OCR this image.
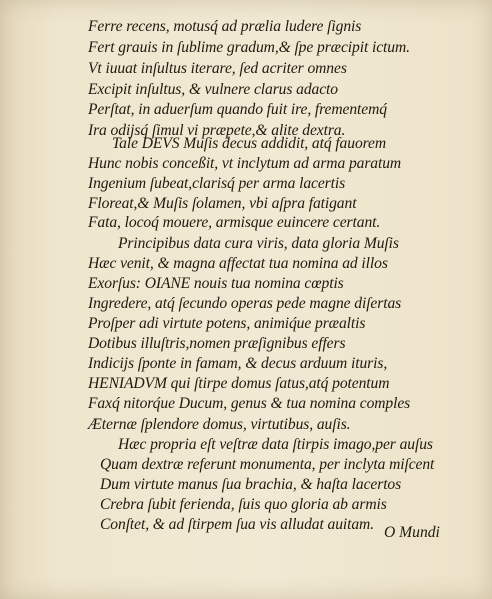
Ferre recens, motusq́ ad prælia ludere ſignis
Fert grauis in ſublime gradum,& ſpe præcipit ictum.
Vt iuuat inſultus iterare, ſed acriter omnes
Excipit inſultus, & vulnere clarus adacto
Perſtat, in aduerſum quando fuit ire, frementemq́
Ira odijsq́ ſimul vi præpete,& alite dextra.
Tale DEVS Muſis decus addidit, atq́ fauorem
Hunc nobis conceßit, vt inclytum ad arma paratum
Ingenium ſubeat,clarisq́ per arma lacertis
Floreat,& Muſis ſolamen, vbi aſpra fatigant
Fata, locoq́ mouere, armisque euincere certant.
Principibus data cura viris, data gloria Muſis
Hæc venit, & magna affectat tua nomina ad illos
Exorſus: OIANE nouis tua nomina cœptis
Ingredere, atq́ ſecundo operas pede magne diſertas
Proſper adi virtute potens, animiq́ue præaltis
Dotibus illuſtris,nomen præſignibus effers
Indicijs ſponte in famam, & decus arduum ituris,
HENIADVM qui ſtirpe domus ſatus,atq́ potentum
Faxq́ nitorq́ue Ducum, genus & tua nomina comples
Æternæ ſplendore domus, virtutibus, auſis.
Hæc propria eſt veſtræ data ſtirpis imago,per auſus
Quam dextræ referunt monumenta, per inclyta miſcent
Dum virtute manus ſua brachia, & haſta lacertos
Crebra ſubit ferienda, ſuis quo gloria ab armis
Conſtet, & ad ſtirpem ſua vis alludat auitam. O Mundi
